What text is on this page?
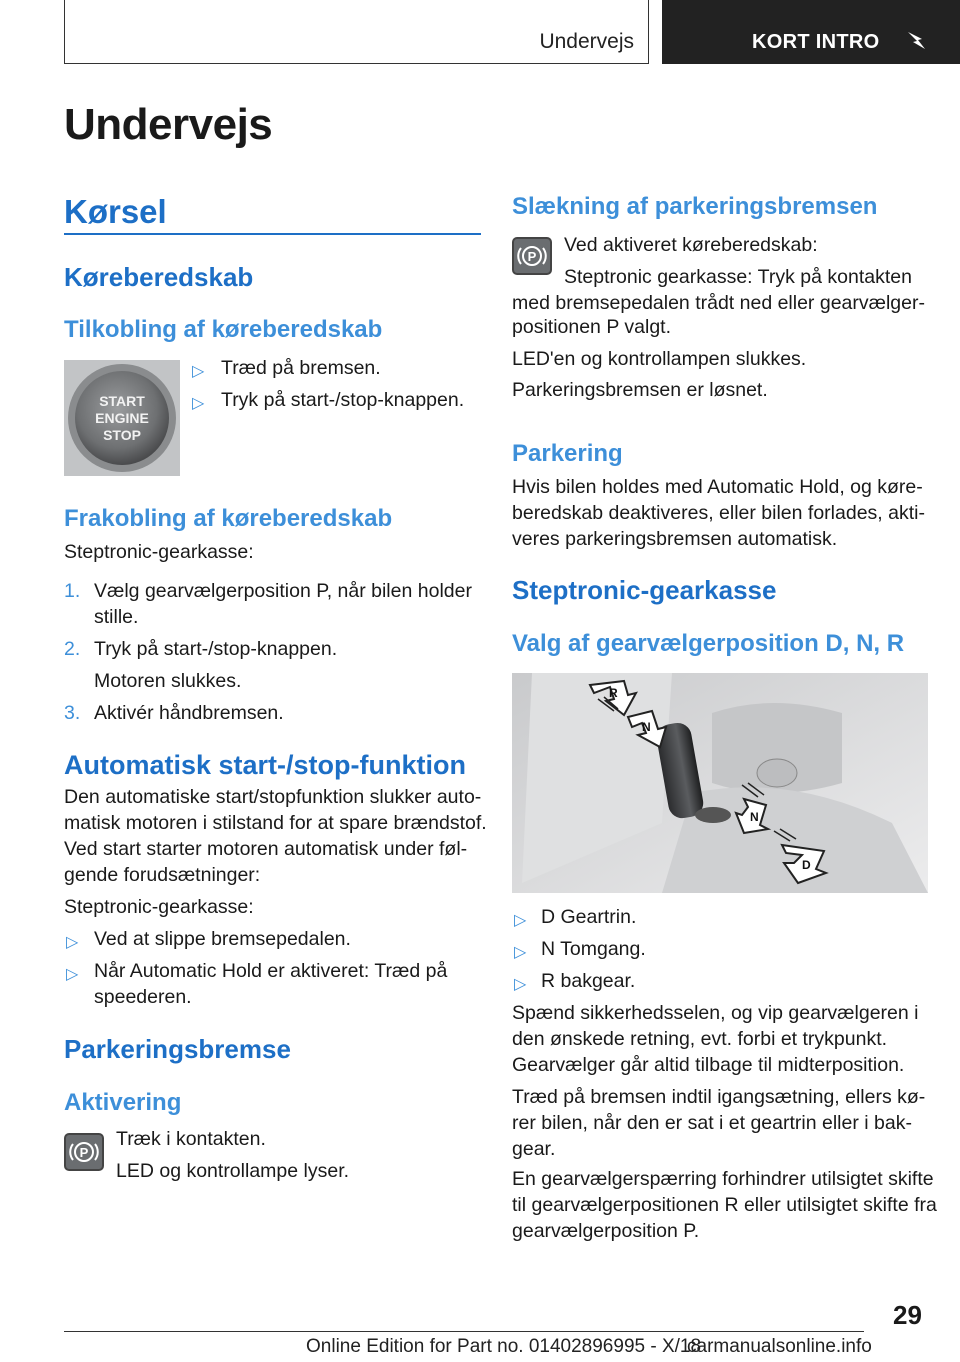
Undervejs	KORT INTRO
Undervejs
Kørsel
Køreberedskab
Tilkobling af køreberedskab
START
ENGINE
STOP
▷ Træd på bremsen.
▷ Tryk på start-/stop-knappen.
Frakobling af køreberedskab
Steptronic-gearkasse:
1. Vælg gearvælgerposition P, når bilen holder
stille.
2. Tryk på start-/stop-knappen.
Motoren slukkes.
3. Aktivér håndbremsen.
Automatisk start-/stop-funktion
Den automatiske start/stopfunktion slukker auto-
matisk motoren i stilstand for at spare brændstof.
Ved start starter motoren automatisk under føl-
gende forudsætninger:
Steptronic-gearkasse:
▷ Ved at slippe bremsepedalen.
▷ Når Automatic Hold er aktiveret: Træd på
speederen.
Parkeringsbremse
Aktivering
P
Træk i kontakten.
LED og kontrollampe lyser.
Slækning af parkeringsbremsen
P
Ved aktiveret køreberedskab:
Steptronic gearkasse: Tryk på kontakten
med bremsepedalen trådt ned eller gearvælger-
positionen P valgt.
LED'en og kontrollampen slukkes.
Parkeringsbremsen er løsnet.
Parkering
Hvis bilen holdes med Automatic Hold, og køre-
beredskab deaktiveres, eller bilen forlades, akti-
veres parkeringsbremsen automatisk.
Steptronic-gearkasse
Valg af gearvælgerposition D, N, R
R
N
N
D
▷ D Geartrin.
▷ N Tomgang.
▷ R bakgear.
Spænd sikkerhedsselen, og vip gearvælgeren i
den ønskede retning, evt. forbi et trykpunkt.
Gearvælger går altid tilbage til midterposition.
Træd på bremsen indtil igangsætning, ellers kø-
rer bilen, når den er sat i et geartrin eller i bak-
gear.
En gearvælgerspærring forhindrer utilsigtet skifte
til gearvælgerpositionen R eller utilsigtet skifte fra
gearvælgerposition P.
29
Online Edition for Part no. 01402896995 - X/18
carmanualsonline.info
